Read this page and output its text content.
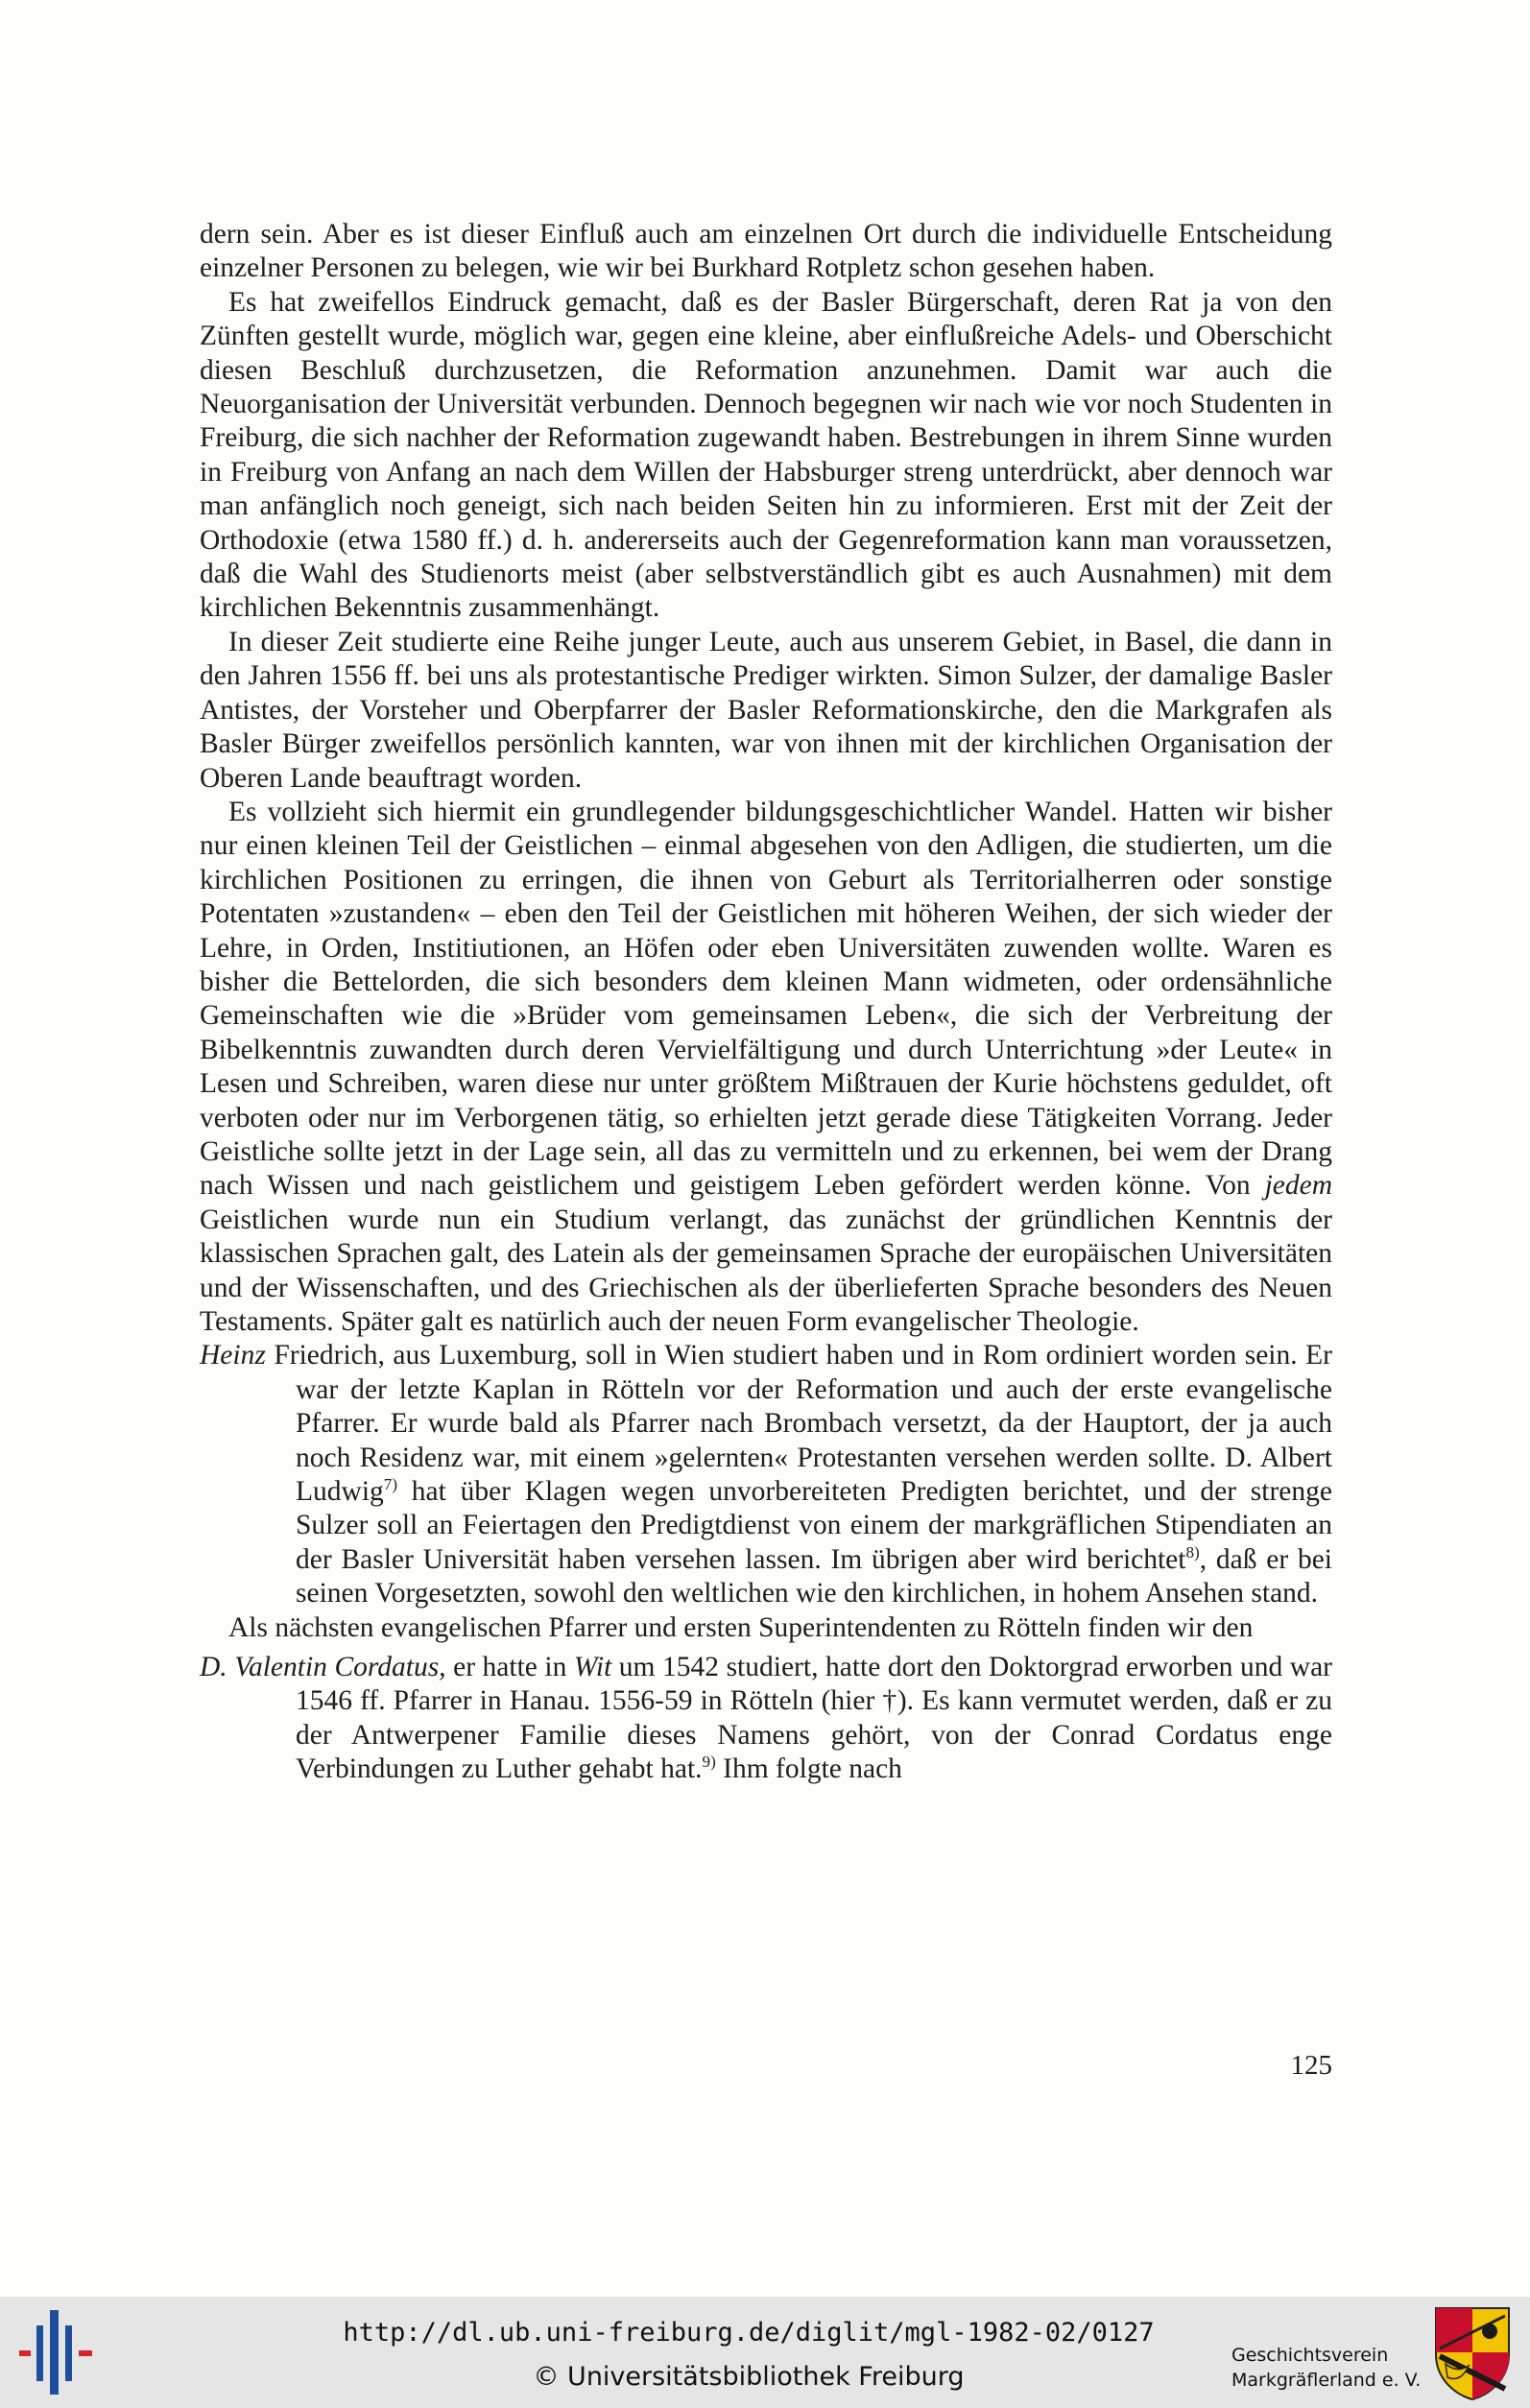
dern sein. Aber es ist dieser Einfluß auch am einzelnen Ort durch die individuelle Entscheidung einzelner Personen zu belegen, wie wir bei Burkhard Rotpletz schon gesehen haben.

Es hat zweifellos Eindruck gemacht, daß es der Basler Bürgerschaft, deren Rat ja von den Zünften gestellt wurde, möglich war, gegen eine kleine, aber einflußreiche Adels- und Oberschicht diesen Beschluß durchzusetzen, die Reformation anzunehmen. Damit war auch die Neuorganisation der Universität verbunden. Dennoch begegnen wir nach wie vor noch Studenten in Freiburg, die sich nachher der Reformation zugewandt haben. Bestrebungen in ihrem Sinne wurden in Freiburg von Anfang an nach dem Willen der Habsburger streng unterdrückt, aber dennoch war man anfänglich noch geneigt, sich nach beiden Seiten hin zu informieren. Erst mit der Zeit der Orthodoxie (etwa 1580 ff.) d. h. andererseits auch der Gegenreformation kann man voraussetzen, daß die Wahl des Studienorts meist (aber selbstverständlich gibt es auch Ausnahmen) mit dem kirchlichen Bekenntnis zusammenhängt.

In dieser Zeit studierte eine Reihe junger Leute, auch aus unserem Gebiet, in Basel, die dann in den Jahren 1556 ff. bei uns als protestantische Prediger wirkten. Simon Sulzer, der damalige Basler Antistes, der Vorsteher und Oberpfarrer der Basler Reformationskirche, den die Markgrafen als Basler Bürger zweifellos persönlich kannten, war von ihnen mit der kirchlichen Organisation der Oberen Lande beauftragt worden.

Es vollzieht sich hiermit ein grundlegender bildungsgeschichtlicher Wandel. Hatten wir bisher nur einen kleinen Teil der Geistlichen – einmal abgesehen von den Adligen, die studierten, um die kirchlichen Positionen zu erringen, die ihnen von Geburt als Territorialherren oder sonstige Potentaten »zustanden« – eben den Teil der Geistlichen mit höheren Weihen, der sich wieder der Lehre, in Orden, Institiutionen, an Höfen oder eben Universitäten zuwenden wollte. Waren es bisher die Bettelorden, die sich besonders dem kleinen Mann widmeten, oder ordensähnliche Gemeinschaften wie die »Brüder vom gemeinsamen Leben«, die sich der Verbreitung der Bibelkenntnis zuwandten durch deren Vervielfältigung und durch Unterrichtung »der Leute« in Lesen und Schreiben, waren diese nur unter größtem Mißtrauen der Kurie höchstens geduldet, oft verboten oder nur im Verborgenen tätig, so erhielten jetzt gerade diese Tätigkeiten Vorrang. Jeder Geistliche sollte jetzt in der Lage sein, all das zu vermitteln und zu erkennen, bei wem der Drang nach Wissen und nach geistlichem und geistigem Leben gefördert werden könne. Von jedem Geistlichen wurde nun ein Studium verlangt, das zunächst der gründlichen Kenntnis der klassischen Sprachen galt, des Latein als der gemeinsamen Sprache der europäischen Universitäten und der Wissenschaften, und des Griechischen als der überlieferten Sprache besonders des Neuen Testaments. Später galt es natürlich auch der neuen Form evangelischer Theologie.

Heinz Friedrich, aus Luxemburg, soll in Wien studiert haben und in Rom ordiniert worden sein. Er war der letzte Kaplan in Rötteln vor der Reformation und auch der erste evangelische Pfarrer. Er wurde bald als Pfarrer nach Brombach versetzt, da der Hauptort, der ja auch noch Residenz war, mit einem »gelernten« Protestanten versehen werden sollte. D. Albert Ludwig$^{7)}$ hat über Klagen wegen unvorbereiteten Predigten berichtet, und der strenge Sulzer soll an Feiertagen den Predigtdienst von einem der markgräflichen Stipendiaten an der Basler Universität haben versehen lassen. Im übrigen aber wird berichtet$^{8)}$, daß er bei seinen Vorgesetzten, sowohl den weltlichen wie den kirchlichen, in hohem Ansehen stand.

Als nächsten evangelischen Pfarrer und ersten Superintendenten zu Rötteln finden wir den

D. Valentin Cordatus, er hatte in Wit um 1542 studiert, hatte dort den Doktorgrad erworben und war 1546 ff. Pfarrer in Hanau. 1556-59 in Rötteln (hier †). Es kann vermutet werden, daß er zu der Antwerpener Familie dieses Namens gehört, von der Conrad Cordatus enge Verbindungen zu Luther gehabt hat.$^{9)}$ Ihm folgte nach

125
http://dl.ub.uni-freiburg.de/diglit/mgl-1982-02/0127
© Universitätsbibliothek Freiburg
Geschichtsverein
Markgräflerland e. V.
